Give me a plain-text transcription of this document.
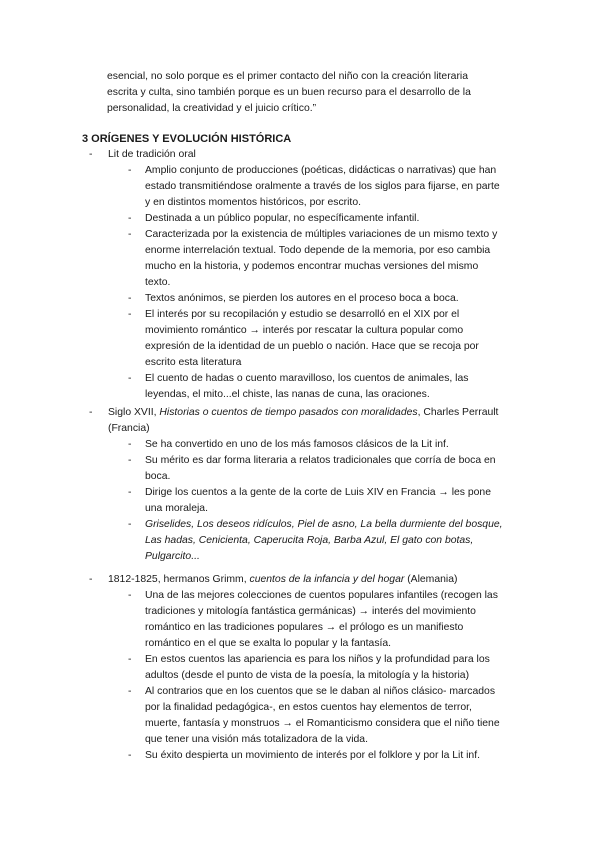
esencial, no solo porque es el primer contacto del niño con la creación literaria

escrita y culta, sino también porque es un buen recurso para el desarrollo de la

personalidad, la creatividad y el juicio crítico.”

3 ORÍGENES Y EVOLUCIÓN HISTÓRICA
- Lit de tradición oral
- Amplio conjunto de producciones (poéticas, didácticas o narrativas) que han
estado transmitiéndose oralmente a través de los siglos para fijarse, en parte
y en distintos momentos históricos, por escrito.
- Destinada a un público popular, no específicamente infantil.
- Caracterizada por la existencia de múltiples variaciones de un mismo texto y
enorme interrelación textual. Todo depende de la memoria, por eso cambia
mucho en la historia, y podemos encontrar muchas versiones del mismo
texto.
- Textos anónimos, se pierden los autores en el proceso boca a boca.
- El interés por su recopilación y estudio se desarrolló en el XIX por el
movimiento romántico → interés por rescatar la cultura popular como
expresión de la identidad de un pueblo o nación. Hace que se recoja por
escrito esta literatura
- El cuento de hadas o cuento maravilloso, los cuentos de animales, las
leyendas, el mito...el chiste, las nanas de cuna, las oraciones.
- Siglo XVII, Historias o cuentos de tiempo pasados con moralidades, Charles Perrault
(Francia)
- Se ha convertido en uno de los más famosos clásicos de la Lit inf.
- Su mérito es dar forma literaria a relatos tradicionales que corría de boca en
boca.
- Dirige los cuentos a la gente de la corte de Luis XIV en Francia → les pone
una moraleja.
- Griselides, Los deseos ridículos, Piel de asno, La bella durmiente del bosque,
Las hadas, Cenicienta, Caperucita Roja, Barba Azul, El gato con botas,
Pulgarcito...
- 1812-1825, hermanos Grimm, cuentos de la infancia y del hogar (Alemania)
- Una de las mejores colecciones de cuentos populares infantiles (recogen las
tradiciones y mitología fantástica germánicas) → interés del movimiento
romántico en las tradiciones populares → el prólogo es un manifiesto
romántico en el que se exalta lo popular y la fantasía.
- En estos cuentos las apariencia es para los niños y la profundidad para los
adultos (desde el punto de vista de la poesía, la mitología y la historia)
- Al contrarios que en los cuentos que se le daban al niños clásico- marcados
por la finalidad pedagógica-, en estos cuentos hay elementos de terror,
muerte, fantasía y monstruos → el Romanticismo considera que el niño tiene
que tener una visión más totalizadora de la vida.
- Su éxito despierta un movimiento de interés por el folklore y por la Lit inf.
